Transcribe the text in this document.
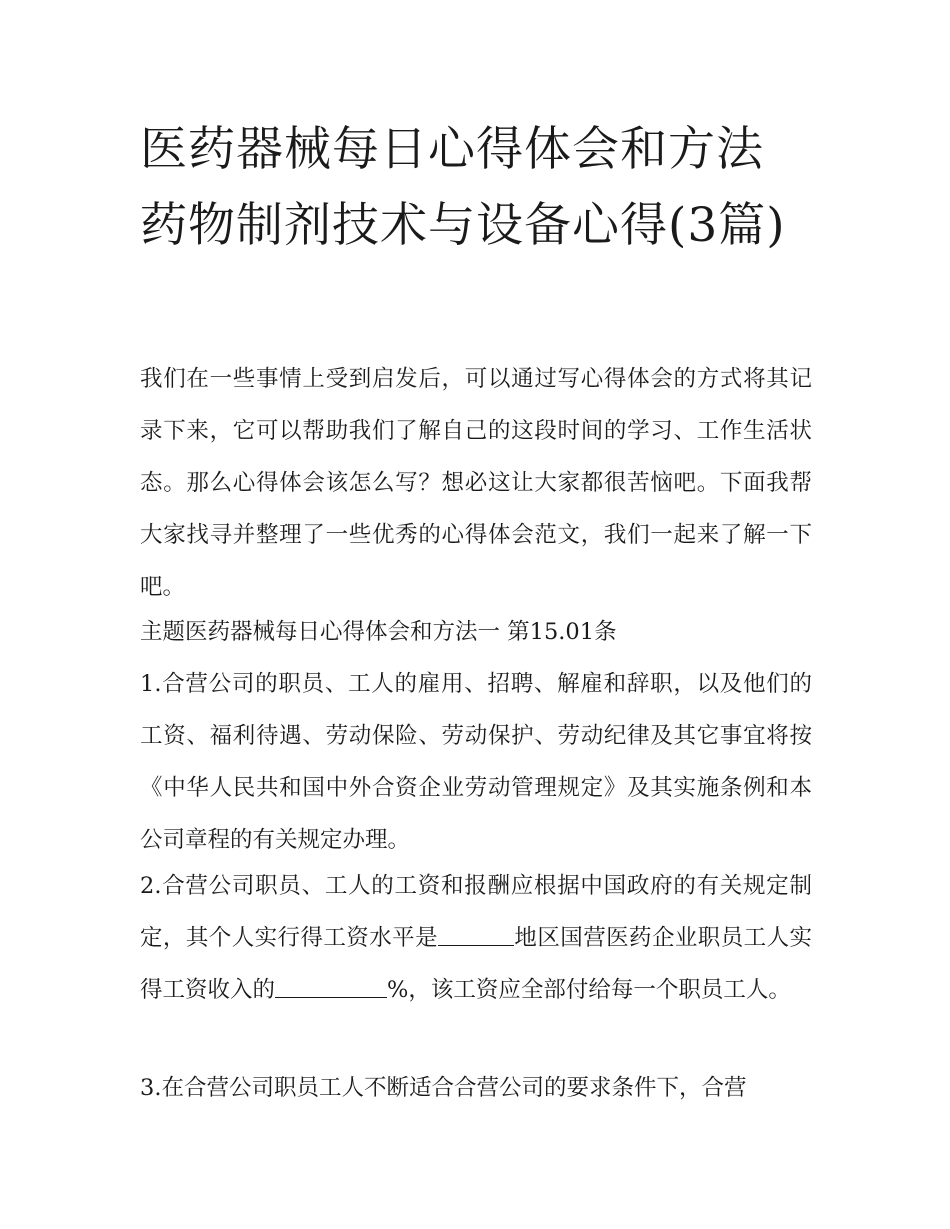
医药器械每日心得体会和方法 药物制剂技术与设备心得(3篇)

我们在一些事情上受到启发后，可以通过写心得体会的方式将其记录下来，它可以帮助我们了解自己的这段时间的学习、工作生活状态。那么心得体会该怎么写？想必这让大家都很苦恼吧。下面我帮大家找寻并整理了一些优秀的心得体会范文，我们一起来了解一下吧。

主题医药器械每日心得体会和方法一 第15.01条

1.合营公司的职员、工人的雇用、招聘、解雇和辞职，以及他们的工资、福利待遇、劳动保险、劳动保护、劳动纪律及其它事宜将按《中华人民共和国中外合资企业劳动管理规定》及其实施条例和本公司章程的有关规定办理。

2.合营公司职员、工人的工资和报酬应根据中国政府的有关规定制定，其个人实行得工资水平是	地区国营医药企业职员工人实得工资收入的	%，该工资应全部付给每一个职员工人。

3.在合营公司职员工人不断适合合营公司的要求条件下，合营
